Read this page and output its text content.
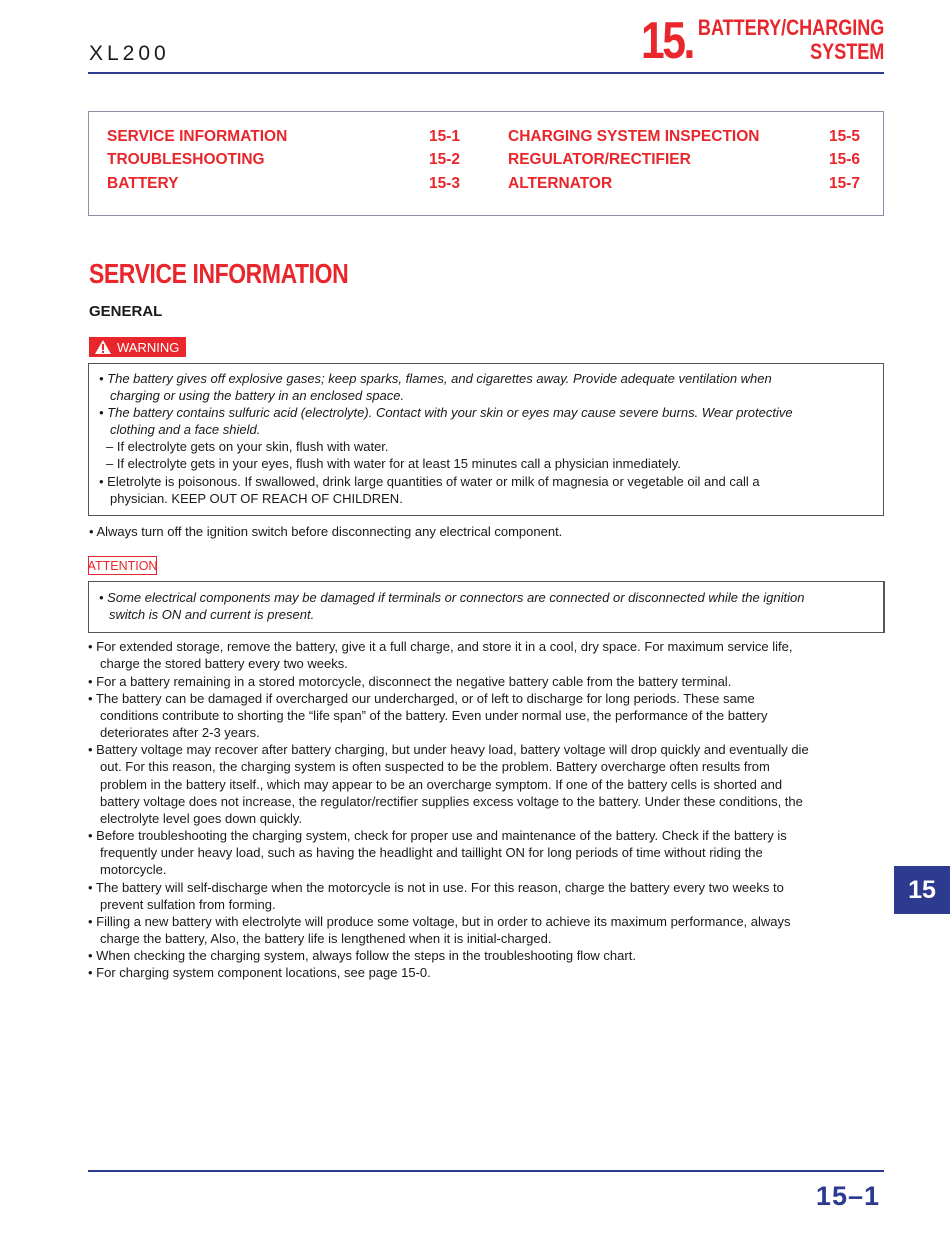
XL200	15. BATTERY/CHARGING
SYSTEM
SERVICE INFORMATION	15-1
TROUBLESHOOTING	15-2
BATTERY	15-3
CHARGING SYSTEM INSPECTION	15-5
REGULATOR/RECTIFIER	15-6
ALTERNATOR	15-7
SERVICE INFORMATION
GENERAL
WARNING
• The battery gives off explosive gases; keep sparks, flames, and cigarettes away. Provide adequate ventilation when
charging or using the battery in an enclosed space.
• The battery contains sulfuric acid (electrolyte). Contact with your skin or eyes may cause severe burns. Wear protective
clothing and a face shield.
– If electrolyte gets on your skin, flush with water.
– If electrolyte gets in your eyes, flush with water for at least 15 minutes call a physician inmediately.
• Eletrolyte is poisonous. If swallowed, drink large quantities of water or milk of magnesia or vegetable oil and call a
physician. KEEP OUT OF REACH OF CHILDREN.
• Always turn off the ignition switch before disconnecting any electrical component.
ATTENTION
• Some electrical components may be damaged if terminals or connectors are connected or disconnected while the ignition
switch is ON and current is present.
• For extended storage, remove the battery, give it a full charge, and store it in a cool, dry space. For maximum service life,
charge the stored battery every two weeks.
• For a battery remaining in a stored motorcycle, disconnect the negative battery cable from the battery terminal.
• The battery can be damaged if overcharged our undercharged, or of left to discharge for long periods. These same
conditions contribute to shorting the “life span” of the battery. Even under normal use, the performance of the battery
deteriorates after 2-3 years.
• Battery voltage may recover after battery charging, but under heavy load, battery voltage will drop quickly and eventually die
out. For this reason, the charging system is often suspected to be the problem. Battery overcharge often results from
problem in the battery itself., which may appear to be an overcharge symptom. If one of the battery cells is shorted and
battery voltage does not increase, the regulator/rectifier supplies excess voltage to the battery. Under these conditions, the
electrolyte level goes down quickly.
• Before troubleshooting the charging system, check for proper use and maintenance of the battery. Check if the battery is
frequently under heavy load, such as having the headlight and taillight ON for long periods of time without riding the
motorcycle.
• The battery will self-discharge when the motorcycle is not in use. For this reason, charge the battery every two weeks to
prevent sulfation from forming.
• Filling a new battery with electrolyte will produce some voltage, but in order to achieve its maximum performance, always
charge the battery, Also, the battery life is lengthened when it is initial-charged.
• When checking the charging system, always follow the steps in the troubleshooting flow chart.
• For charging system component locations, see page 15-0.
15
15–1
